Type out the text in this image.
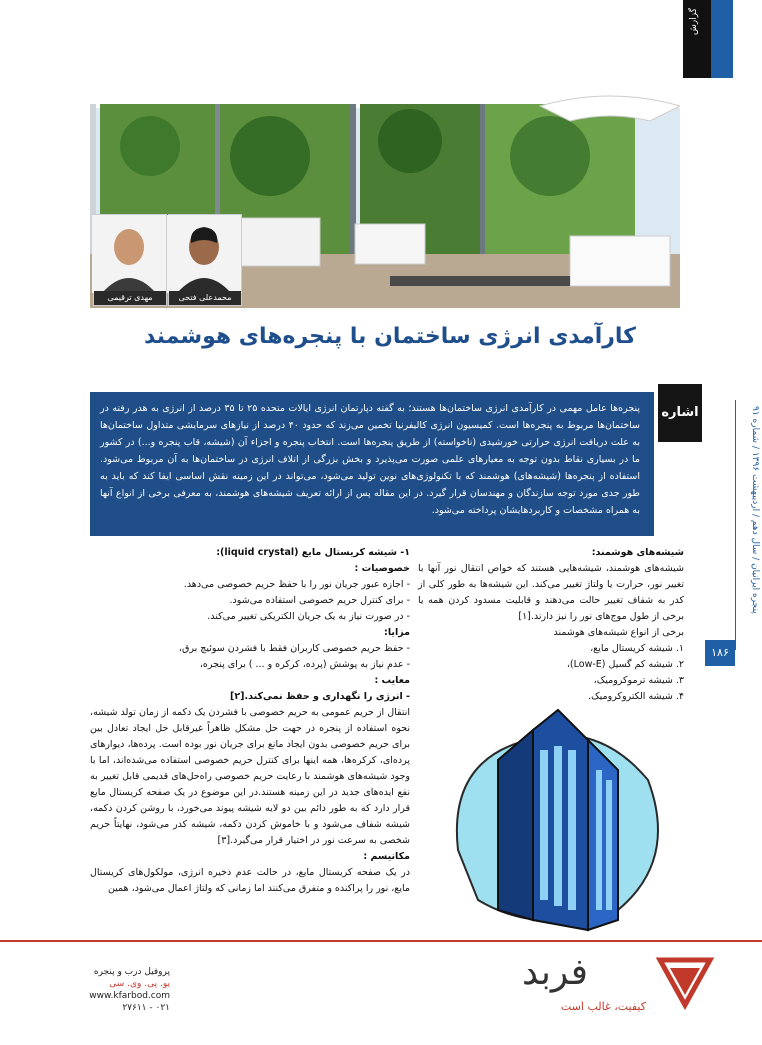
گزارش
مهدی ترقیمی	محمدعلی فتحی
کارآمدی انرژی ساختمان با پنجره‌های هوشمند
اشاره

پنجره‌ها عامل مهمی در کارآمدی انرژی ساختمان‌ها هستند؛ به گفته دپارتمان انرژی ایالات متحده ۲۵ تا ۳۵ درصد از انرژی به هدر رفته در ساختمان‌ها مربوط به پنجره‌ها است. کمیسیون انرژی کالیفرنیا تخمین می‌زند که حدود ۴۰ درصد از نیازهای سرمایشی متداول ساختمان‌ها به علت دریافت انرژی حرارتی خورشیدی (ناخواسته) از طریق پنجره‌ها است. انتخاب پنجره و اجزاء آن (شیشه، قاب پنجره و...) در کشور ما در بسیاری نقاط بدون توجه به معیارهای علمی صورت می‌پذیرد و بخش بزرگی از اتلاف انرژی در ساختمان‌ها به آن مربوط می‌شود. استفاده از پنجره‌ها (شیشه‌های) هوشمند که با تکنولوژی‌های نوین تولید می‌شود، می‌تواند در این زمینه نقش اساسی ایفا کند که باید به طور جدی مورد توجه سازندگان و مهندسان قرار گیرد. در این مقاله پس از ارائه تعریف شیشه‌های هوشمند، به معرفی برخی از انواع آنها به همراه مشخصات و کاربردهایشان پرداخته می‌شود.

پنجره ایرانیان / سال دهم / اردیبهشت ۱۳۹۶ / شماره ۹۱
۱۸۶

شیشه‌های هوشمند:

شیشه‌های هوشمند، شیشه‌هایی هستند که خواص انتقال نور آنها با تغییر نور، حرارت یا ولتاژ تغییر می‌کند. این شیشه‌ها به طور کلی از کدر به شفاف تغییر حالت می‌دهند و قابلیت مسدود کردن همه یا برخی از طول موج‌های نور را نیز دارند.[۱]

برخی از انواع شیشه‌های هوشمند

۱. شیشه کریستال مایع،

۲. شیشه کم گسیل (Low-E)،

۳. شیشه ترموکرومیک،

۴. شیشه الکتروکرومیک.

۱- شیشه کریستال مایع (liquid crystal):

خصوصیات :

- اجازه عبور جریان نور را با حفظ حریم خصوصی می‌دهد.

- برای کنترل حریم خصوصی استفاده می‌شود.

- در صورت نیاز به یک جریان الکتریکی تغییر می‌کند.

مزایا:

- حفظ حریم خصوصی کاربران فقط با فشردن سوئیچ برق،

- عدم نیاز به پوشش (پرده، کرکره و ... ) برای پنجره،

معایب :

- انرژی را نگهداری و حفظ نمی‌کند.[۲]

انتقال از حریم عمومی به حریم خصوصی با فشردن یک دکمه از زمان تولد شیشه، نحوه استفاده از پنجره در جهت حل مشکل ظاهراً غیرقابل حل ایجاد تعادل بین برای حریم خصوصی بدون ایجاد مانع برای جریان نور بوده است. پرده‌ها، دیوارهای پرده‌ای، کرکره‌ها، همه اینها برای کنترل حریم خصوصی استفاده می‌شده‌اند، اما با وجود شیشه‌های هوشمند با رعایت حریم خصوصی راه‌حل‌های قدیمی قابل تغییر به نفع ایده‌های جدید در این زمینه هستند.در این موضوع در یک صفحه کریستال مایع قرار دارد که به طور دائم بین دو لایه شیشه پیوند می‌خورد، با روشن کردن دکمه، شیشه شفاف می‌شود و با خاموش کردن دکمه، شیشه کدر می‌شود، نهایتاً حریم شخصی به سرعت نور در اختیار قرار می‌گیرد.[۳]

مکانیسم :

در یک صفحه کریستال مایع، در حالت عدم ذخیره انرژی، مولکول‌های کریستال مایع، نور را پراکنده و متفرق می‌کنند اما زمانی که ولتاژ اعمال می‌شود، همین

پروفیل درب و پنجره

یو. پی. وی. سی

www.kfarbod.com

۰۲۱ - ۲۷۶۱۱

فربد
کیفیت، غالب است
